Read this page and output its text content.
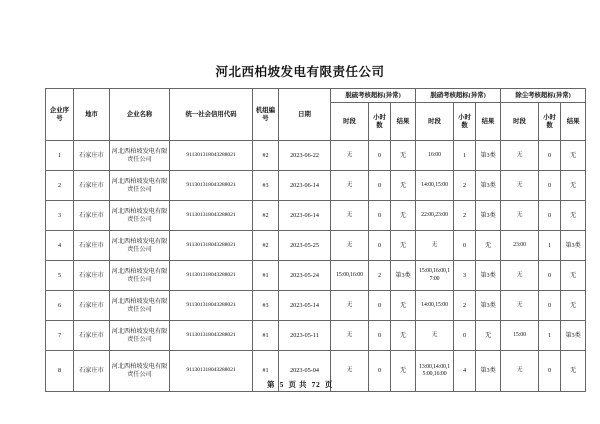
河北西柏坡发电有限责任公司
企业序号	地市	企业名称	统一社会信用代码	机组编号	日期	脱硫考核超标(异常)			脱硝考核超标(异常)			除尘考核超标(异常)		
						时段	小时数	结果	时段	小时数	结果	时段	小时数	结果
1	石家庄市	河北西柏坡发电有限责任公司	911301318043288021	#2	2023-06-22	无	0	无	16:00	1	第3类	无	0	无
2	石家庄市	河北西柏坡发电有限责任公司	911301318043288021	#3	2023-06-14	无	0	无	14:00,15:00	2	第3类	无	0	无
3	石家庄市	河北西柏坡发电有限责任公司	911301318043288021	#2	2023-06-14	无	0	无	22:00,23:00	2	第3类	无	0	无
4	石家庄市	河北西柏坡发电有限责任公司	911301318043288021	#2	2023-05-25	无	0	无	无	0	无	23:00	1	第3类
5	石家庄市	河北西柏坡发电有限责任公司	911301318043288021	#1	2023-05-24	15:00,16:00	2	第3类	15:00,16:00,17:00	3	第3类	无	0	无
6	石家庄市	河北西柏坡发电有限责任公司	911301318043288021	#3	2023-05-14	无	0	无	14:00,15:00	2	第3类	无	0	无
7	石家庄市	河北西柏坡发电有限责任公司	911301318043288021	#1	2023-05-11	无	0	无	无	0	无	15:00	1	第3类
8	石家庄市	河北西柏坡发电有限责任公司	911301318043288021	#1	2023-05-04	无	0	无	13:00,14:00,15:00,16:00	4	第3类	无	0	无
第 5 页 共 72 页
